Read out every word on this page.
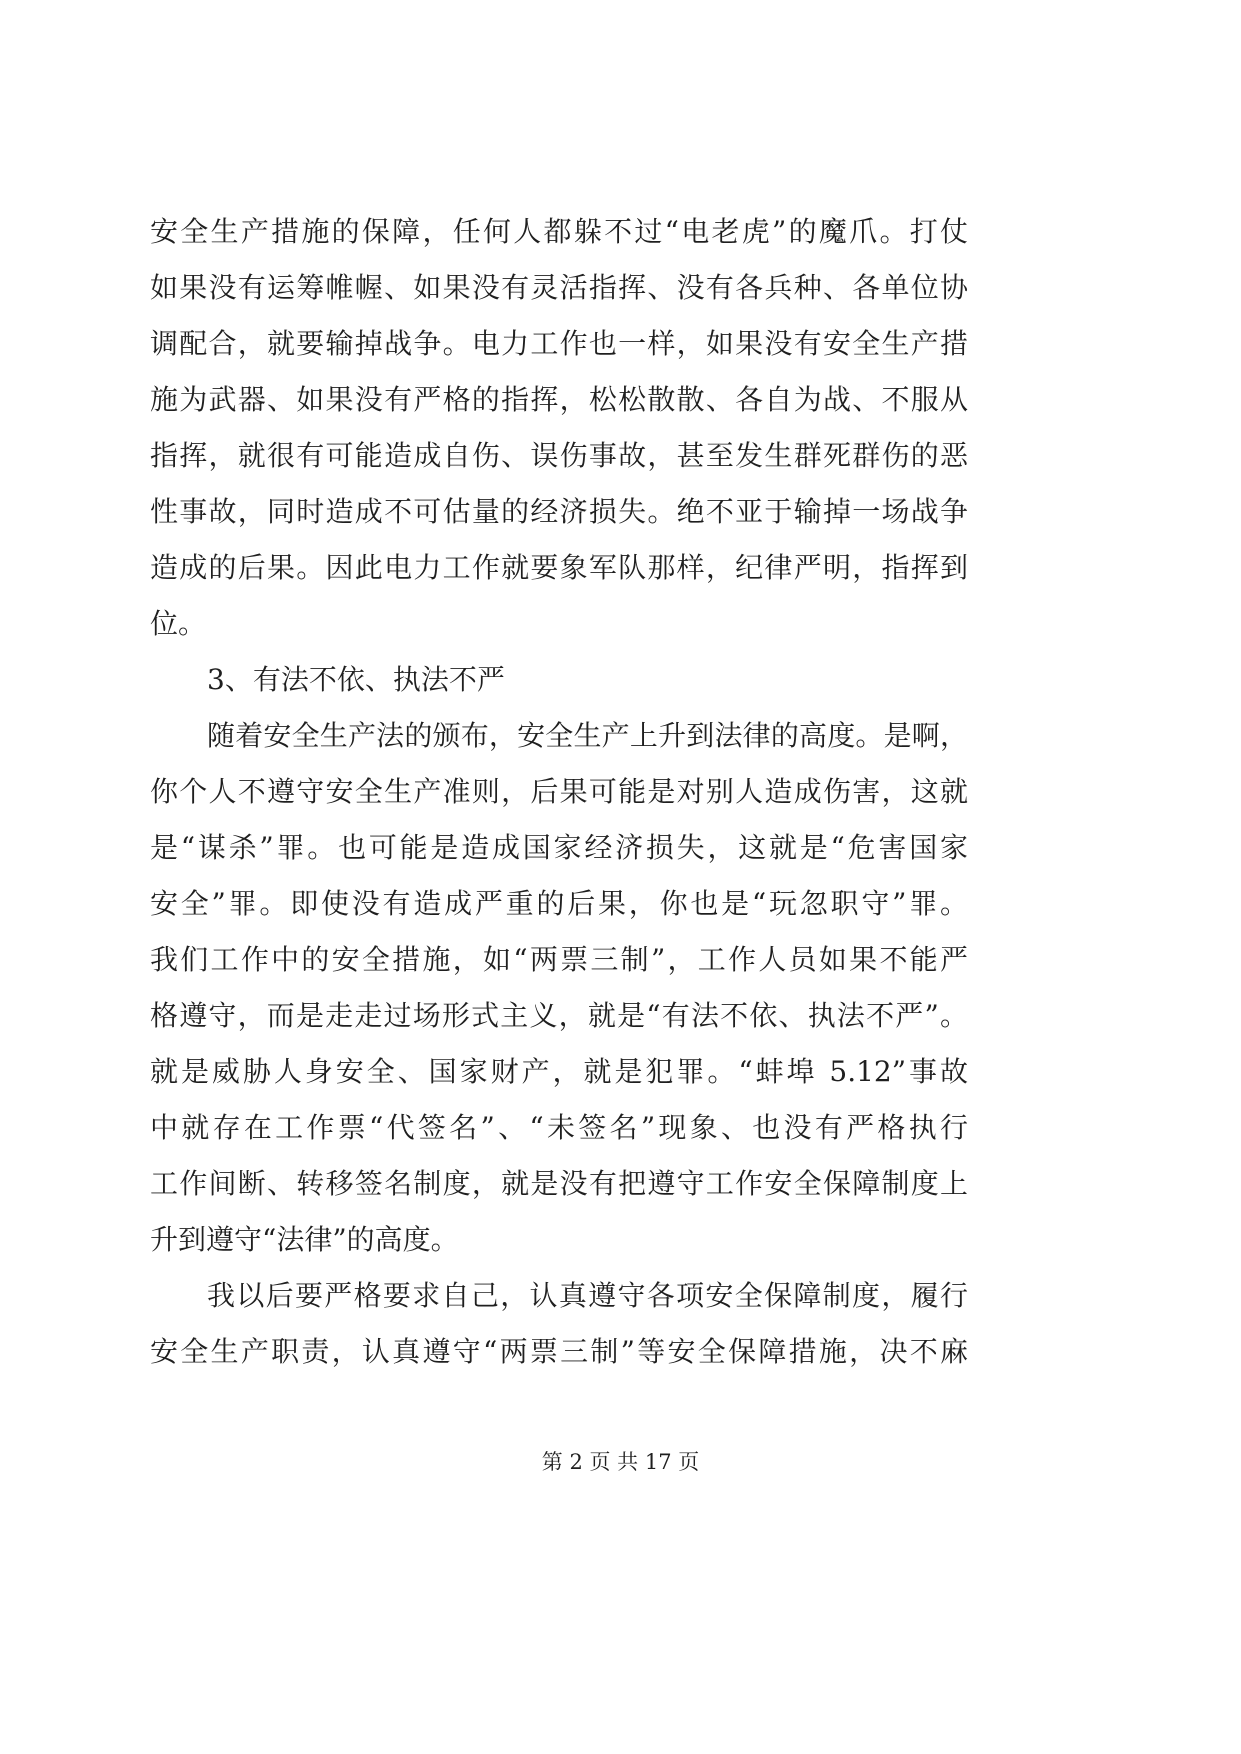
安全生产措施的保障，任何人都躲不过“电老虎”的魔爪。打仗
如果没有运筹帷幄、如果没有灵活指挥、没有各兵种、各单位协
调配合，就要输掉战争。电力工作也一样，如果没有安全生产措
施为武器、如果没有严格的指挥，松松散散、各自为战、不服从
指挥，就很有可能造成自伤、误伤事故，甚至发生群死群伤的恶
性事故，同时造成不可估量的经济损失。绝不亚于输掉一场战争
造成的后果。因此电力工作就要象军队那样，纪律严明，指挥到
位。
3、有法不依、执法不严
随着安全生产法的颁布，安全生产上升到法律的高度。是啊，
你个人不遵守安全生产准则，后果可能是对别人造成伤害，这就
是“谋杀”罪。也可能是造成国家经济损失，这就是“危害国家
安全”罪。即使没有造成严重的后果，你也是“玩忽职守”罪。
我们工作中的安全措施，如“两票三制”，工作人员如果不能严
格遵守，而是走走过场形式主义，就是“有法不依、执法不严”。
就是威胁人身安全、国家财产，就是犯罪。“蚌埠 5.12”事故
中就存在工作票“代签名”、“未签名”现象、也没有严格执行
工作间断、转移签名制度，就是没有把遵守工作安全保障制度上
升到遵守“法律”的高度。
我以后要严格要求自己，认真遵守各项安全保障制度，履行
安全生产职责，认真遵守“两票三制”等安全保障措施，决不麻
第 2 页 共 17 页
